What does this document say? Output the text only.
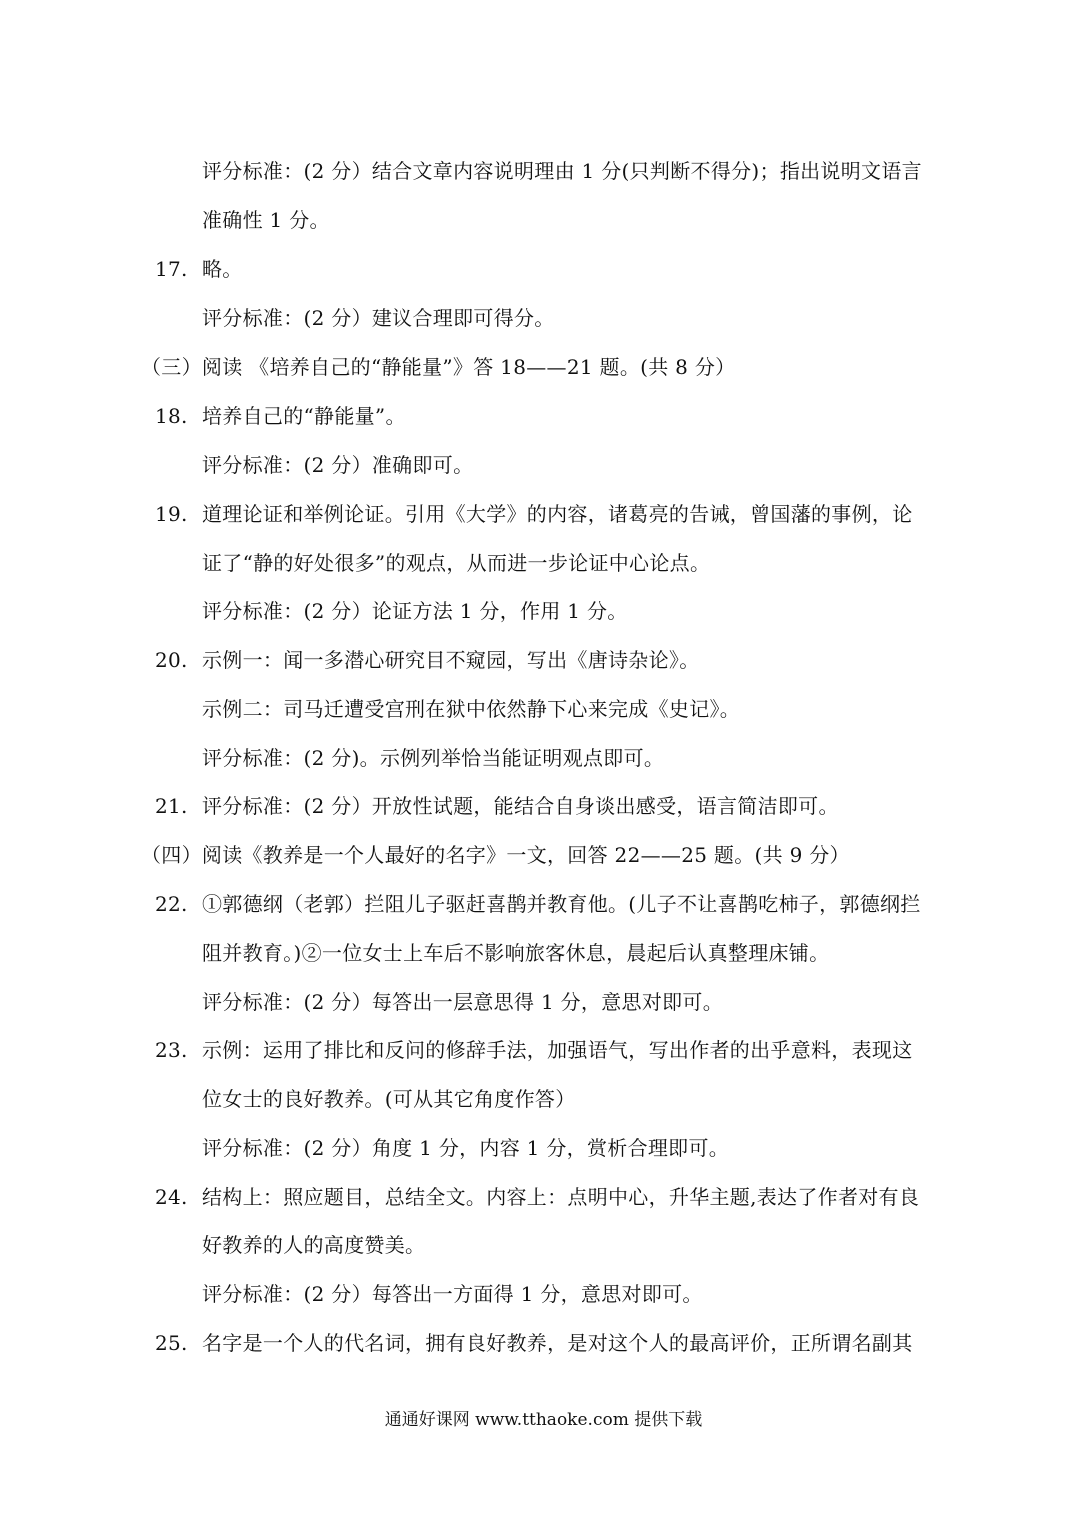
评分标准：(2 分）结合文章内容说明理由 1 分(只判断不得分)；指出说明文语言
准确性 1 分。
17. 略。
评分标准：(2 分）建议合理即可得分。
（三）阅读 《培养自己的“静能量”》答 18——21 题。(共 8 分）
18. 培养自己的“静能量”。
评分标准：(2 分）准确即可。
19. 道理论证和举例论证。引用《大学》的内容，诸葛亮的告诫，曾国藩的事例，论
证了“静的好处很多”的观点，从而进一步论证中心论点。
评分标准：(2 分）论证方法 1 分，作用 1 分。
20. 示例一：闻一多潜心研究目不窥园，写出《唐诗杂论》。
示例二：司马迁遭受宫刑在狱中依然静下心来完成《史记》。
评分标准：(2 分)。示例列举恰当能证明观点即可。
21. 评分标准：(2 分）开放性试题，能结合自身谈出感受，语言简洁即可。
（四）阅读《教养是一个人最好的名字》一文，回答 22——25 题。(共 9 分）
22. ①郭德纲（老郭）拦阻儿子驱赶喜鹊并教育他。(儿子不让喜鹊吃柿子，郭德纲拦
阻并教育。)②一位女士上车后不影响旅客休息，晨起后认真整理床铺。
评分标准：(2 分）每答出一层意思得 1 分，意思对即可。
23. 示例：运用了排比和反问的修辞手法，加强语气，写出作者的出乎意料，表现这
位女士的良好教养。(可从其它角度作答）
评分标准：(2 分）角度 1 分，内容 1 分，赏析合理即可。
24. 结构上：照应题目，总结全文。内容上：点明中心，升华主题,表达了作者对有良
好教养的人的高度赞美。
评分标准：(2 分）每答出一方面得 1 分，意思对即可。
25. 名字是一个人的代名词，拥有良好教养，是对这个人的最高评价，正所谓名副其
通通好课网 www.tthaoke.com 提供下载
